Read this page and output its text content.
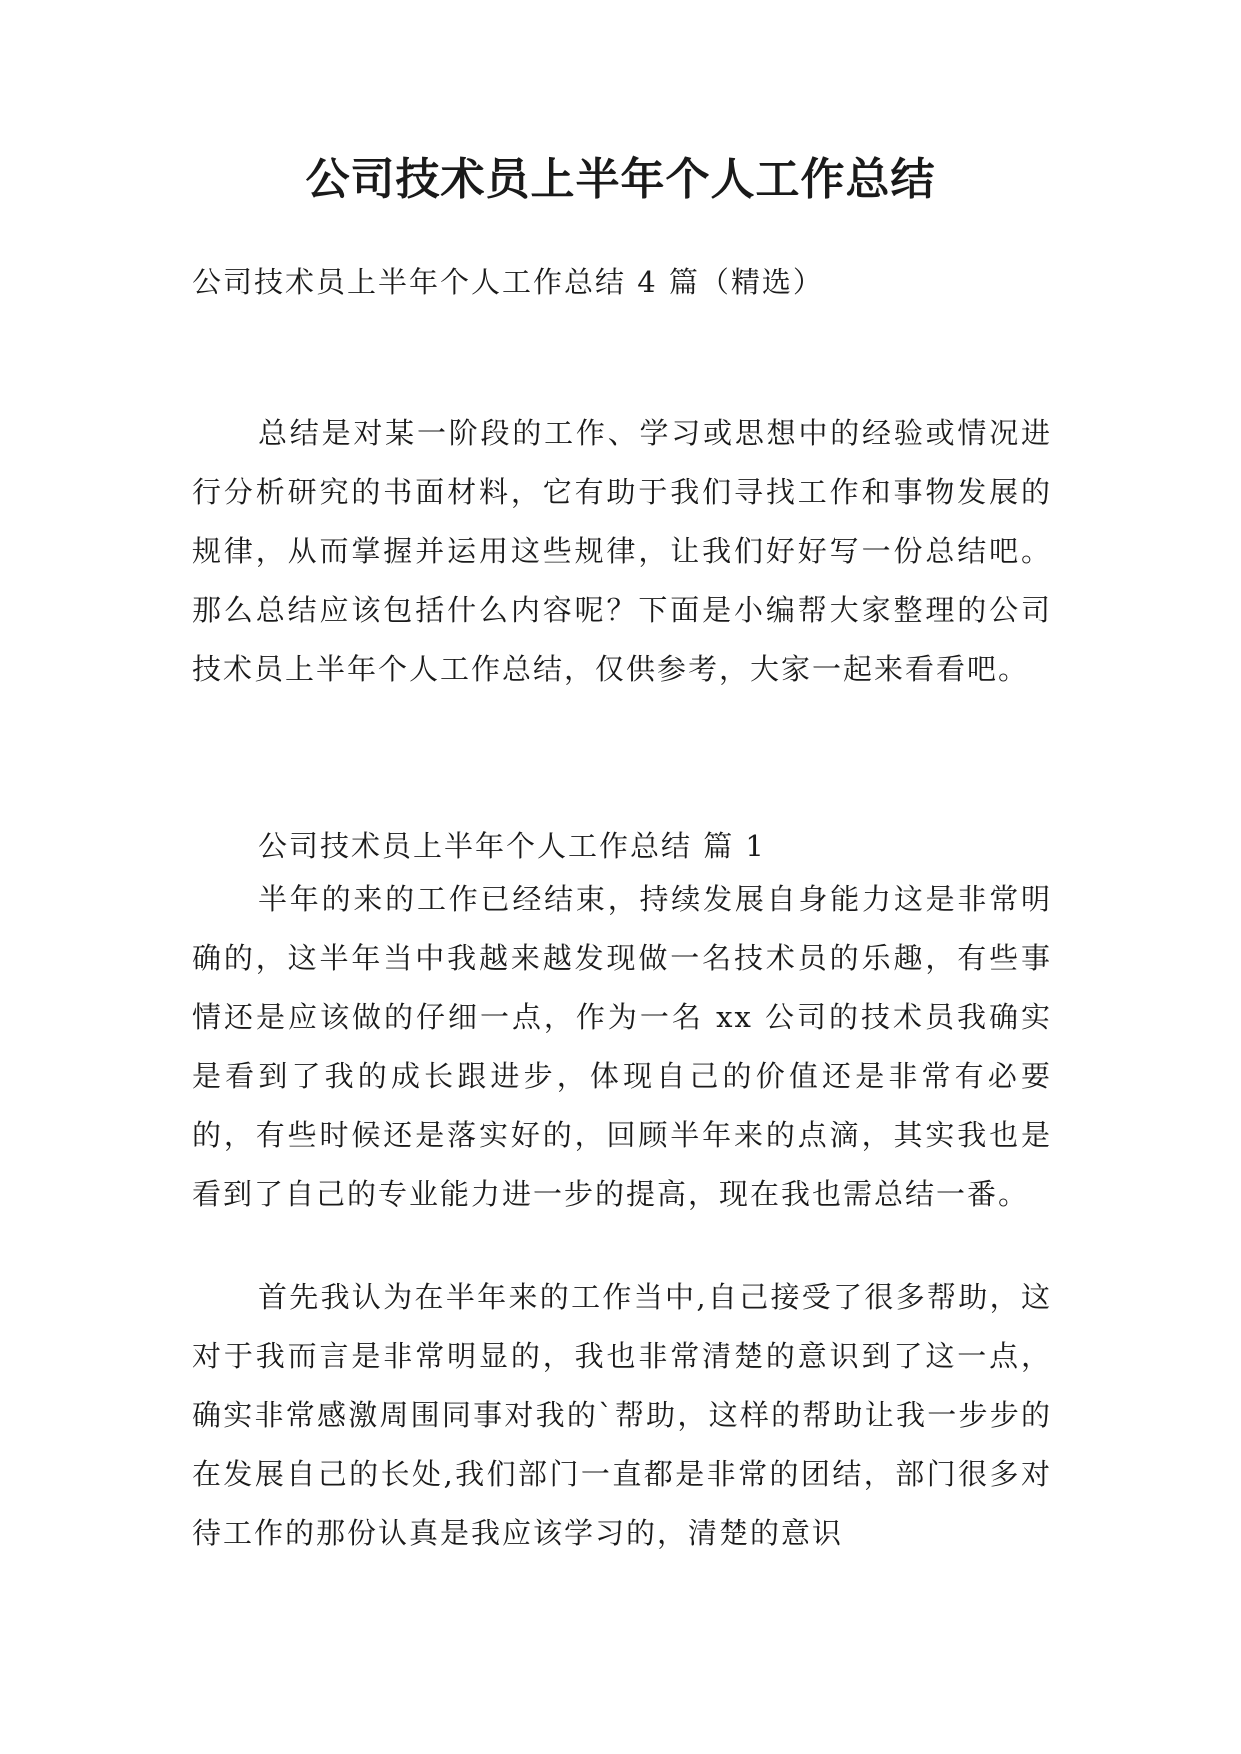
公司技术员上半年个人工作总结

公司技术员上半年个人工作总结 4 篇（精选）

总结是对某一阶段的工作、学习或思想中的经验或情况进行分析研究的书面材料，它有助于我们寻找工作和事物发展的规律，从而掌握并运用这些规律，让我们好好写一份总结吧。那么总结应该包括什么内容呢？下面是小编帮大家整理的公司技术员上半年个人工作总结，仅供参考，大家一起来看看吧。

公司技术员上半年个人工作总结 篇 1

半年的来的工作已经结束，持续发展自身能力这是非常明确的，这半年当中我越来越发现做一名技术员的乐趣，有些事情还是应该做的仔细一点，作为一名 xx 公司的技术员我确实是看到了我的成长跟进步，体现自己的价值还是非常有必要的，有些时候还是落实好的，回顾半年来的点滴，其实我也是看到了自己的专业能力进一步的提高，现在我也需总结一番。

首先我认为在半年来的工作当中,自己接受了很多帮助，这对于我而言是非常明显的，我也非常清楚的意识到了这一点，确实非常感激周围同事对我的`帮助，这样的帮助让我一步步的在发展自己的长处,我们部门一直都是非常的团结，部门很多对待工作的那份认真是我应该学习的，清楚的意识
